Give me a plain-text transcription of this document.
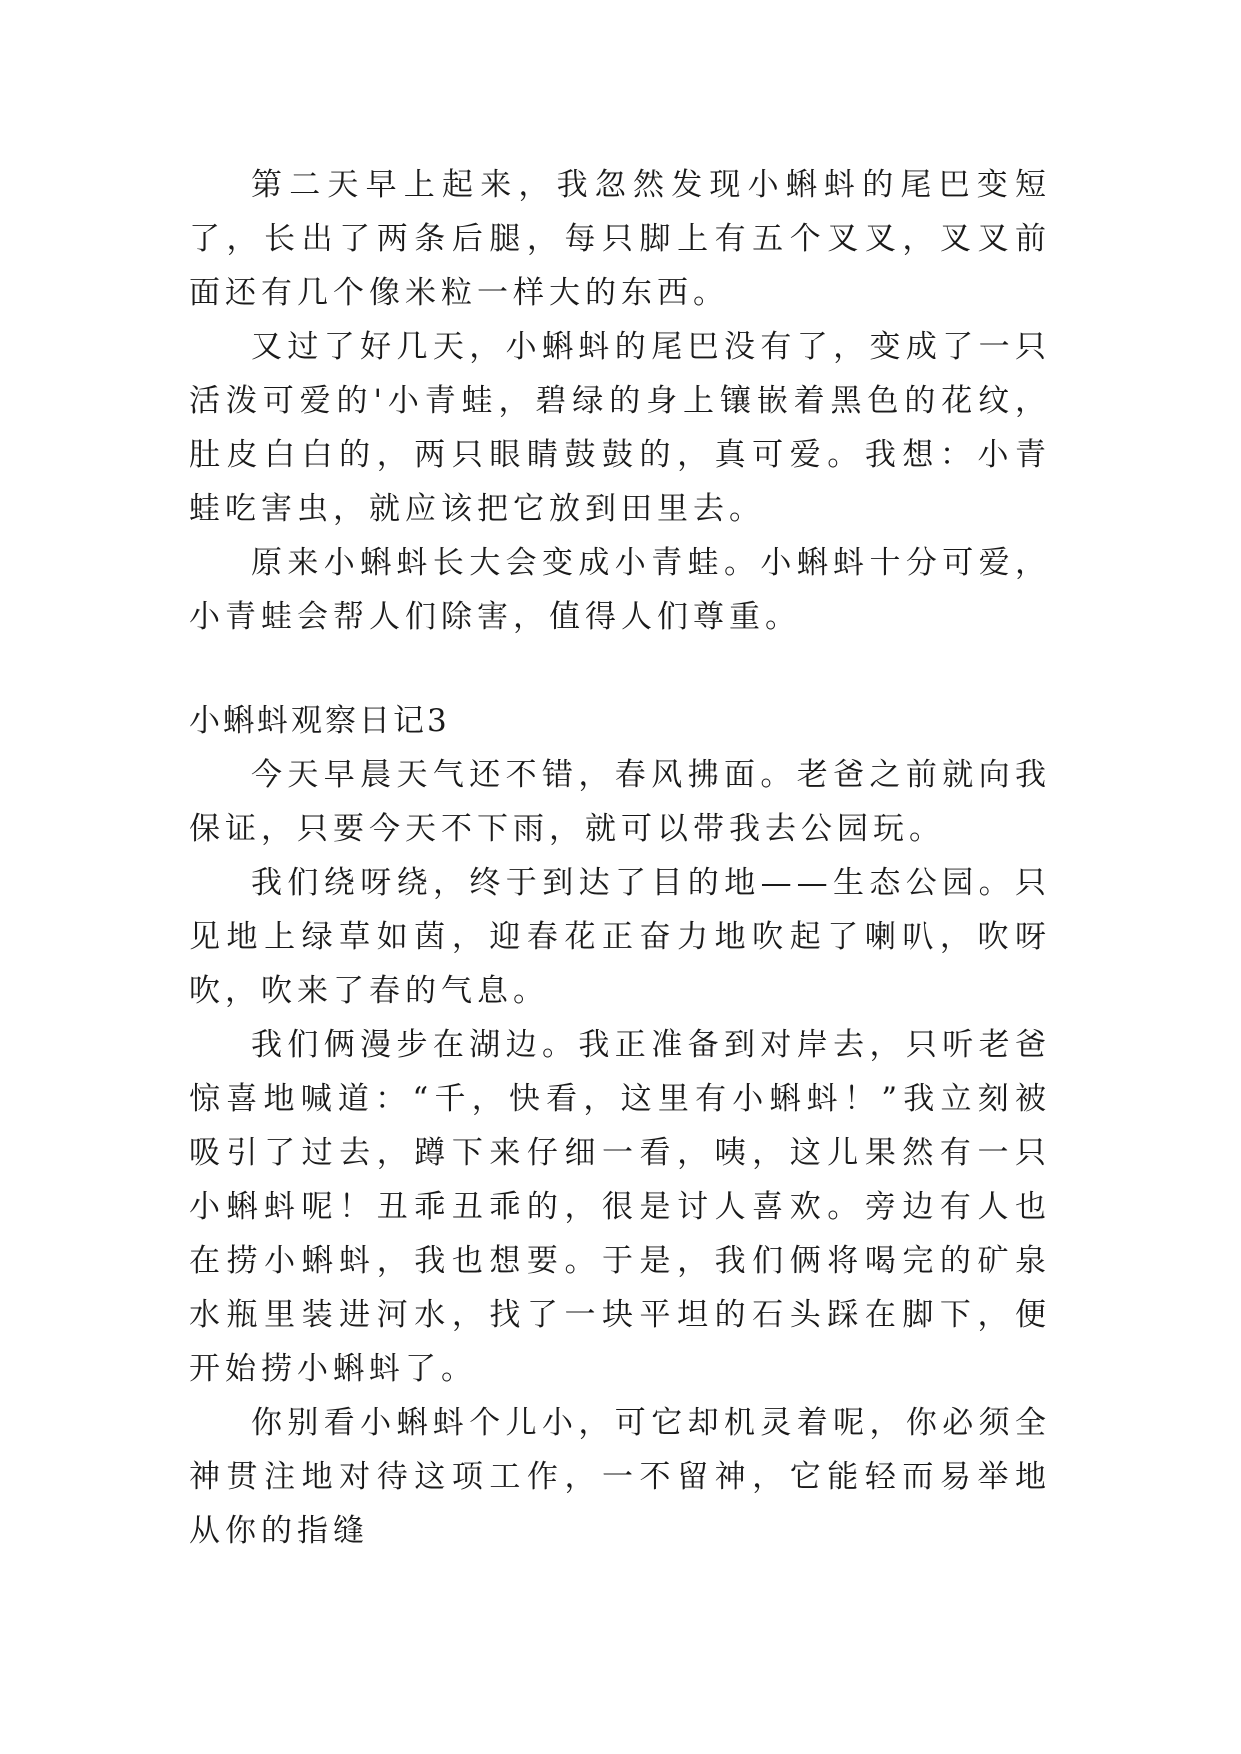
第二天早上起来，我忽然发现小蝌蚪的尾巴变短了，长出了两条后腿，每只脚上有五个叉叉，叉叉前面还有几个像米粒一样大的东西。

又过了好几天，小蝌蚪的尾巴没有了，变成了一只活泼可爱的'小青蛙，碧绿的身上镶嵌着黑色的花纹，肚皮白白的，两只眼睛鼓鼓的，真可爱。我想：小青蛙吃害虫，就应该把它放到田里去。

原来小蝌蚪长大会变成小青蛙。小蝌蚪十分可爱，小青蛙会帮人们除害，值得人们尊重。

小蝌蚪观察日记3

今天早晨天气还不错，春风拂面。老爸之前就向我保证，只要今天不下雨，就可以带我去公园玩。

我们绕呀绕，终于到达了目的地——生态公园。只见地上绿草如茵，迎春花正奋力地吹起了喇叭，吹呀吹，吹来了春的气息。

我们俩漫步在湖边。我正准备到对岸去，只听老爸惊喜地喊道：“千，快看，这里有小蝌蚪！”我立刻被吸引了过去，蹲下来仔细一看，咦，这儿果然有一只小蝌蚪呢！丑乖丑乖的，很是讨人喜欢。旁边有人也在捞小蝌蚪，我也想要。于是，我们俩将喝完的矿泉水瓶里装进河水，找了一块平坦的石头踩在脚下，便开始捞小蝌蚪了。

你别看小蝌蚪个儿小，可它却机灵着呢，你必须全神贯注地对待这项工作，一不留神，它能轻而易举地从你的指缝
